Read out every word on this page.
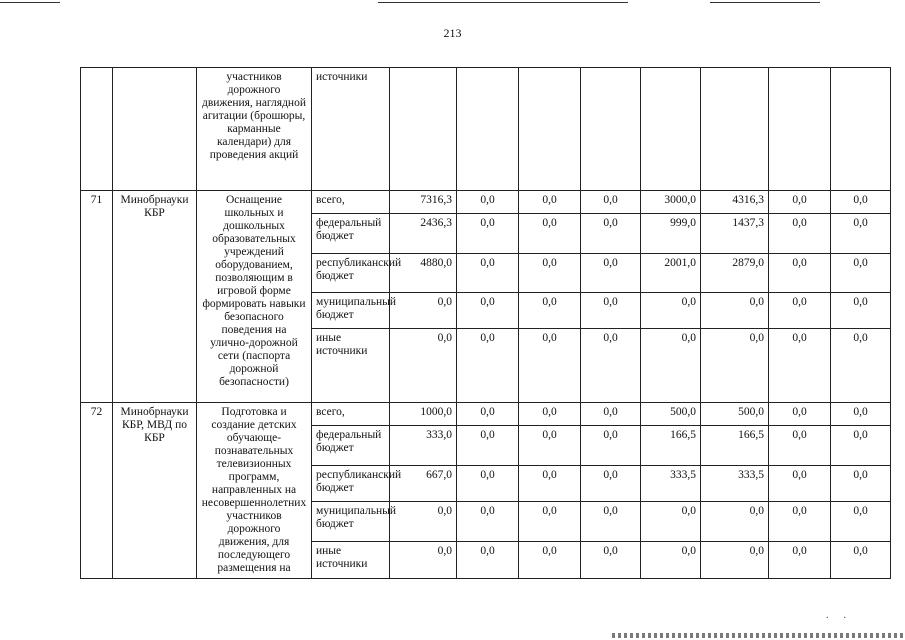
213
		участников дорожного движения, наглядной агитации (брошюры, карманные календари) для проведения акций	источники								
71	Минобрнауки КБР	Оснащение школьных и дошкольных образовательных учреждений оборудованием, позволяющим в игровой форме формировать навыки безопасного поведения на улично-дорожной сети (паспорта дорожной безопасности)	всего,	7316,3	0,0	0,0	0,0	3000,0	4316,3	0,0	0,0
			федеральный бюджет	2436,3	0,0	0,0	0,0	999,0	1437,3	0,0	0,0
			республиканский бюджет	4880,0	0,0	0,0	0,0	2001,0	2879,0	0,0	0,0
			муниципальный бюджет	0,0	0,0	0,0	0,0	0,0	0,0	0,0	0,0
			иные источники	0,0	0,0	0,0	0,0	0,0	0,0	0,0	0,0
72	Минобрнауки КБР, МВД по КБР	Подготовка и создание детских обучающе-познавательных телевизионных программ, направленных на несовершеннолетних участников дорожного движения, для последующего размещения на	всего,	1000,0	0,0	0,0	0,0	500,0	500,0	0,0	0,0
			федеральный бюджет	333,0	0,0	0,0	0,0	166,5	166,5	0,0	0,0
			республиканский бюджет	667,0	0,0	0,0	0,0	333,5	333,5	0,0	0,0
			муниципальный бюджет	0,0	0,0	0,0	0,0	0,0	0,0	0,0	0,0
			иные источники	0,0	0,0	0,0	0,0	0,0	0,0	0,0	0,0
.      .
